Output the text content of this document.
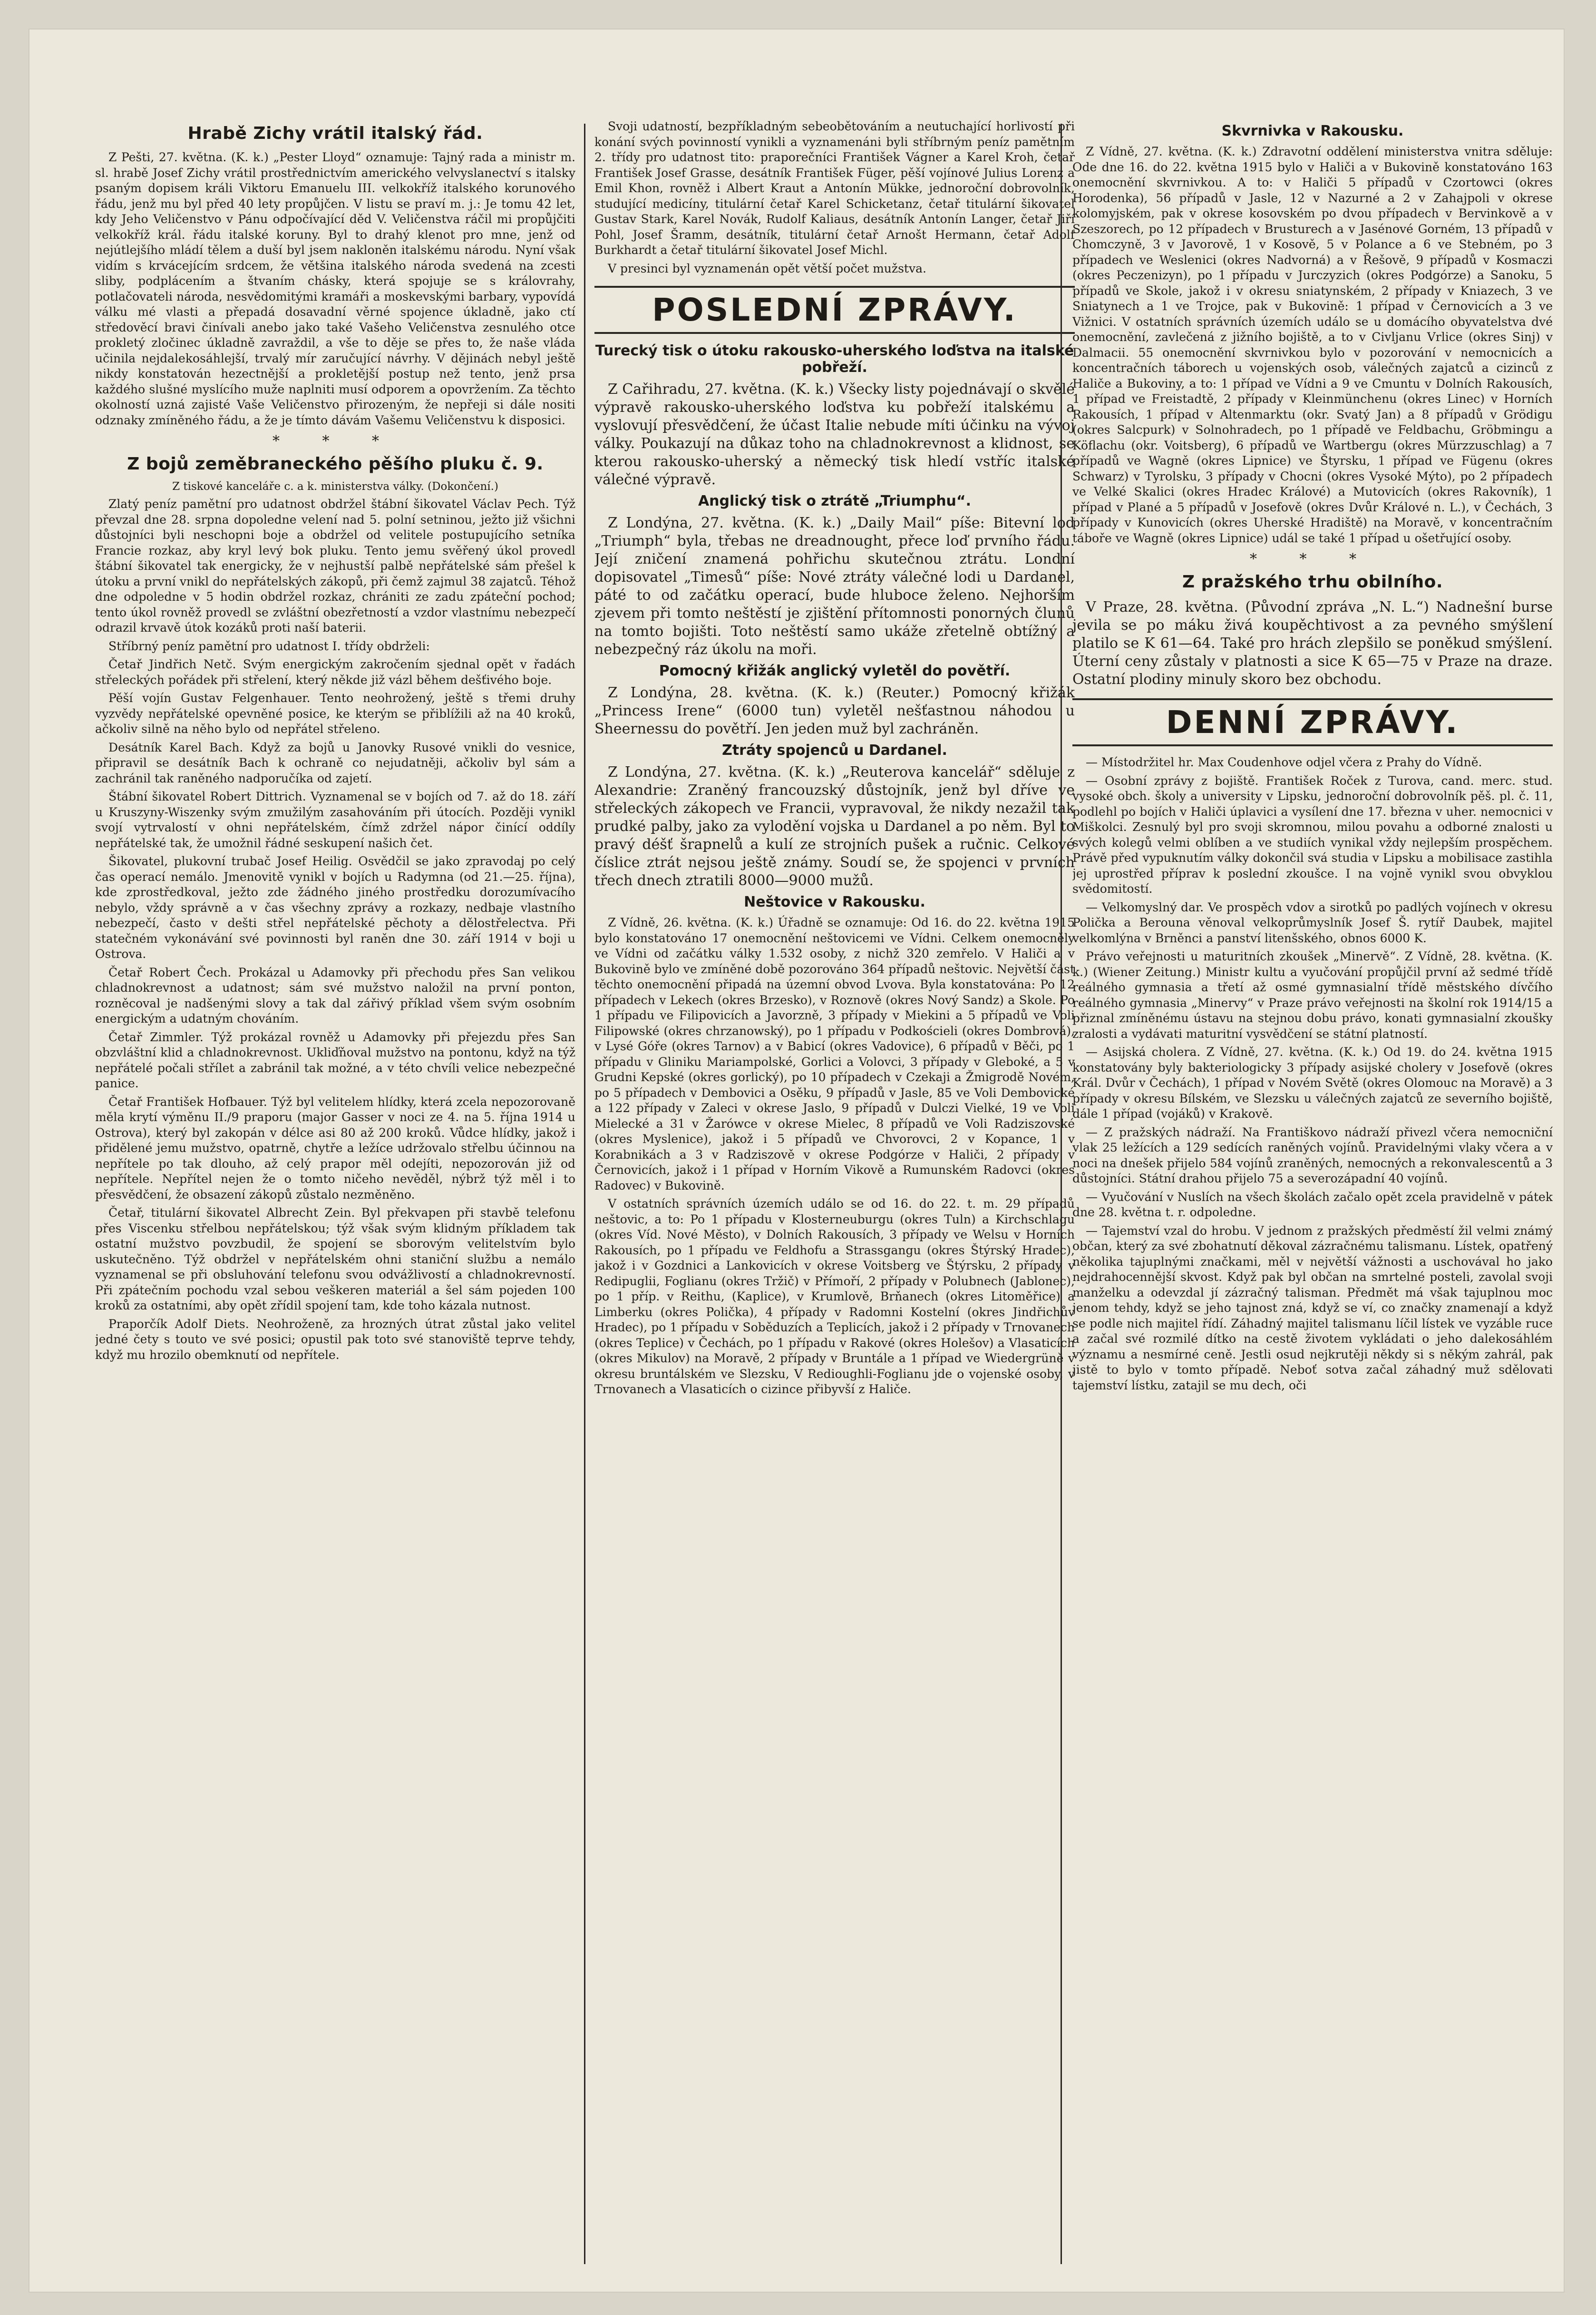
Hrabě Zichy vrátil italský řád.

Z Pešti, 27. května. (K. k.) „Pester Lloyd“ oznamuje: Tajný rada a ministr m. sl. hrabě Josef Zichy vrátil prostřednictvím amerického velvyslanectví s italsky psaným dopisem králi Viktoru Emanuelu III. velkokříž italského korunového řádu, jenž mu byl před 40 lety propůjčen. V listu se praví m. j.: Je tomu 42 let, kdy Jeho Veličenstvo v Pánu odpočívající děd V. Veličenstva ráčil mi propůjčiti velkokříž král. řádu italské koruny. Byl to drahý klenot pro mne, jenž od nejútlejšího mládí tělem a duší byl jsem nakloněn italskému národu. Nyní však vidím s krvácejícím srdcem, že většina italského národa svedená na zcesti sliby, podplácením a štvaním chásky, která spojuje se s královrahy, potlačovateli národa, nesvědomitými kramáři a moskevskými barbary, vypovídá válku mé vlasti a přepadá dosavadní věrné spojence úkladně, jako ctí středověcí bravi činívali anebo jako také Vašeho Veličenstva zesnulého otce prokletý zločinec úkladně zavraždil, a vše to děje se přes to, že naše vláda učinila nejdalekosáhlejší, trvalý mír zaručující návrhy. V dějinách nebyl ještě nikdy konstatován hezectnější a prokletější postup než tento, jenž prsa každého slušné myslícího muže naplniti musí odporem a opovržením. Za těchto okolností uzná zajisté Vaše Veličenstvo přirozeným, že nepřeji si dále nositi odznaky zmíněného řádu, a že je tímto dávám Vašemu Veličenstvu k disposici.

* * *
Z bojů zeměbraneckého pěšího pluku č. 9.

Z tiskové kanceláře c. a k. ministerstva války. (Dokončení.)

Zlatý peníz pamětní pro udatnost obdržel štábní šikovatel Václav Pech. Týž převzal dne 28. srpna dopoledne velení nad 5. polní setninou, ježto již všichni důstojníci byli neschopni boje a obdržel od velitele postupujícího setníka Francie rozkaz, aby kryl levý bok pluku. Tento jemu svěřený úkol provedl štábní šikovatel tak energicky, že v nejhustší palbě nepřátelské sám přešel k útoku a první vnikl do nepřátelských zákopů, při čemž zajmul 38 zajatců. Téhož dne odpoledne v 5 hodin obdržel rozkaz, chrániti ze zadu zpáteční pochod; tento úkol rovněž provedl se zvláštní obezřetností a vzdor vlastnímu nebezpečí odrazil krvavě útok kozáků proti naší baterii.

Stříbrný peníz pamětní pro udatnost I. třídy obdrželi:

Četař Jindřich Netč. Svým energickým zakročením sjednal opět v řadách střeleckých pořádek při střelení, který někde již vázl během dešťivého boje.

Pěší vojín Gustav Felgenhauer. Tento neohrožený, ještě s třemi druhy vyzvědy nepřátelské opevněné posice, ke kterým se přiblížili až na 40 kroků, ačkoliv silně na něho bylo od nepřátel střeleno.

Desátník Karel Bach. Když za bojů u Janovky Rusové vnikli do vesnice, připravil se desátník Bach k ochraně co nejudatněji, ačkoliv byl sám a zachránil tak raněného nadporučíka od zajetí.

Štábní šikovatel Robert Dittrich. Vyznamenal se v bojích od 7. až do 18. září u Kruszyny-Wiszenky svým zmužilým zasahováním při útocích. Později vynikl svojí vytrvalostí v ohni nepřátelském, čímž zdržel nápor činící oddíly nepřátelské tak, že umožnil řádné seskupení našich čet.

Šikovatel, plukovní trubač Josef Heilig. Osvědčil se jako zpravodaj po celý čas operací nemálo. Jmenovitě vynikl v bojích u Radymna (od 21.—25. října), kde zprostředkoval, ježto zde žádného jiného prostředku dorozumívacího nebylo, vždy správně a v čas všechny zprávy a rozkazy, nedbaje vlastního nebezpečí, často v dešti střel nepřátelské pěchoty a dělostřelectva. Při statečném vykonávání své povinnosti byl raněn dne 30. září 1914 v boji u Ostrova.

Četař Robert Čech. Prokázal u Adamovky při přechodu přes San velikou chladnokrevnost a udatnost; sám své mužstvo naložil na první ponton, rozněcoval je nadšenými slovy a tak dal zářivý příklad všem svým osobním energickým a udatným chováním.

Četař Zimmler. Týž prokázal rovněž u Adamovky při přejezdu přes San obzvláštní klid a chladnokrevnost. Ukliďňoval mužstvo na pontonu, když na týž nepřátelé počali střílet a zabránil tak možné, a v této chvíli velice nebezpečné panice.

Četař František Hofbauer. Týž byl velitelem hlídky, která zcela nepozorovaně měla krytí výměnu II./9 praporu (major Gasser v noci ze 4. na 5. října 1914 u Ostrova), který byl zakopán v délce asi 80 až 200 kroků. Vůdce hlídky, jakož i přidělené jemu mužstvo, opatrně, chytře a ležíce udržovalo střelbu účinnou na nepřítele po tak dlouho, až celý prapor měl odejíti, nepozorován již od nepřítele. Nepřítel nejen že o tomto ničeho nevěděl, nýbrž týž měl i to přesvědčení, že obsazení zákopů zůstalo nezměněno.

Četař, titulární šikovatel Albrecht Zein. Byl překvapen při stavbě telefonu přes Viscenku střelbou nepřátelskou; týž však svým klidným příkladem tak ostatní mužstvo povzbudil, že spojení se sborovým velitelstvím bylo uskutečněno. Týž obdržel v nepřátelském ohni staniční službu a nemálo vyznamenal se při obsluhování telefonu svou odvážlivostí a chladnokrevností. Při zpátečním pochodu vzal sebou veškeren materiál a šel sám pojeden 100 kroků za ostatními, aby opět zřídil spojení tam, kde toho kázala nutnost.

Praporčík Adolf Diets. Neohroženě, za hrozných útrat zůstal jako velitel jedné čety s touto ve své posici; opustil pak toto své stanoviště teprve tehdy, když mu hrozilo obemknutí od nepřítele.

Svoji udatností, bezpříkladným sebeobětováním a neutuchající horlivostí při konání svých povinností vynikli a vyznamenáni byli stříbrným peníz pamětním 2. třídy pro udatnost tito: praporečníci František Vágner a Karel Kroh, četař František Josef Grasse, desátník František Füger, pěší vojínové Julius Lorenz a Emil Khon, rovněž i Albert Kraut a Antonín Mükke, jednoroční dobrovolník, studující medicíny, titulární četař Karel Schicketanz, četař titulární šikovatel Gustav Stark, Karel Novák, Rudolf Kaliaus, desátník Antonín Langer, četař Jiří Pohl, Josef Šramm, desátník, titulární četař Arnošt Hermann, četař Adolf Burkhardt a četař titulární šikovatel Josef Michl.

V presinci byl vyznamenán opět větší počet mužstva.

POSLEDNÍ ZPRÁVY.
Turecký tisk o útoku rakousko-uherského loďstva na italské pobřeží.

Z Cařihradu, 27. května. (K. k.) Všecky listy pojednávají o skvělé výpravě rakousko-uherského loďstva ku pobřeží italskému a vyslovují přesvědčení, že účast Italie nebude míti účinku na vývoj války. Poukazují na důkaz toho na chladnokrevnost a klidnost, se kterou rakousko-uherský a německý tisk hledí vstříc italské válečné výpravě.

Anglický tisk o ztrátě „Triumphu“.

Z Londýna, 27. května. (K. k.) „Daily Mail“ píše: Bitevní loď „Triumph“ byla, třebas ne dreadnought, přece loď prvního řádu. Její zničení znamená pohřichu skutečnou ztrátu. Londní dopisovatel „Timesů“ píše: Nové ztráty válečné lodi u Dardanel, páté to od začátku operací, bude hluboce želeno. Nejhorším zjevem při tomto neštěstí je zjištění přítomnosti ponorných člunů na tomto bojišti. Toto neštěstí samo ukáže zřetelně obtížný a nebezpečný ráz úkolu na moři.

Pomocný křižák anglický vyletěl do povětří.

Z Londýna, 28. května. (K. k.) (Reuter.) Pomocný křižák „Princess Irene“ (6000 tun) vyletěl nešťastnou náhodou u Sheernessu do povětří. Jen jeden muž byl zachráněn.

Ztráty spojenců u Dardanel.

Z Londýna, 27. května. (K. k.) „Reuterova kancelář“ sděluje z Alexandrie: Zraněný francouzský důstojník, jenž byl dříve ve střeleckých zákopech ve Francii, vypravoval, že nikdy nezažil tak prudké palby, jako za vylodění vojska u Dardanel a po něm. Byl to pravý déšť šrapnelů a kulí ze strojních pušek a ručnic. Celkové číslice ztrát nejsou ještě známy. Soudí se, že spojenci v prvních třech dnech ztratili 8000—9000 mužů.

Neštovice v Rakousku.

Z Vídně, 26. května. (K. k.) Úřadně se oznamuje: Od 16. do 22. května 1915 bylo konstatováno 17 onemocnění neštovicemi ve Vídni. Celkem onemocněly ve Vídni od začátku války 1.532 osoby, z nichž 320 zemřelo. V Haliči a v Bukovině bylo ve zmíněné době pozorováno 364 případů neštovic. Největší část těchto onemocnění připadá na územní obvod Lvova. Byla konstatována: Po 12 případech v Lekech (okres Brzesko), v Roznově (okres Nový Sandz) a Skole. Po 1 případu ve Filipovicích a Javorzně, 3 případy v Miekini a 5 případů ve Voli Filipowské (okres chrzanowský), po 1 případu v Podkościeli (okres Dombrová), v Lysé Góře (okres Tarnov) a v Babicí (okres Vadovice), 6 případů v Běči, po 1 případu v Gliniku Mariampolské, Gorlici a Volovci, 3 případy v Gleboké, a 5 v Grudni Kepské (okres gorlický), po 10 případech v Czekaji a Žmigrodě Novém, po 5 případech v Dembovici a Osěku, 9 případů v Jasle, 85 ve Voli Dembovické a 122 případy v Zaleci v okrese Jaslo, 9 případů v Dulczi Vielké, 19 ve Voli Mielecké a 31 v Žarówce v okrese Mielec, 8 případů ve Voli Radziszovské (okres Myslenice), jakož i 5 případů ve Chvorovci, 2 v Kopance, 1 v Korabnikách a 3 v Radziszově v okrese Podgórze v Haliči, 2 případy v Černovicích, jakož i 1 případ v Horním Vikově a Rumunském Radovci (okres Radovec) v Bukovině.

V ostatních správních územích událo se od 16. do 22. t. m. 29 případů neštovic, a to: Po 1 případu v Klosterneuburgu (okres Tuln) a Kirchschlagu (okres Víd. Nové Město), v Dolních Rakousích, 3 případy ve Welsu v Horních Rakousích, po 1 případu ve Feldhofu a Strassgangu (okres Štýrský Hradec), jakož i v Gozdnici a Lankovicích v okrese Voitsberg ve Štýrsku, 2 případy v Redipuglii, Foglianu (okres Tržič) v Přímoří, 2 případy v Polubnech (Jablonec), po 1 příp. v Reithu, (Kaplice), v Krumlově, Brňanech (okres Litoměřice) a Limberku (okres Polička), 4 případy v Radomni Kostelní (okres Jindřichův Hradec), po 1 případu v Soběduzích a Teplicích, jakož i 2 případy v Trnovanech (okres Teplice) v Čechách, po 1 případu v Rakové (okres Holešov) a Vlasaticích (okres Mikulov) na Moravě, 2 případy v Bruntále a 1 případ ve Wiedergrüně v okresu bruntálském ve Slezsku, V Redioughli-Foglianu jde o vojenské osoby, v Trnovanech a Vlasaticích o cizince přibyvší z Haliče.

Skvrnivka v Rakousku.

Z Vídně, 27. května. (K. k.) Zdravotní oddělení ministerstva vnitra sděluje: Ode dne 16. do 22. května 1915 bylo v Haliči a v Bukovině konstatováno 163 onemocnění skvrnivkou. A to: v Haliči 5 případů v Czortowci (okres Horodenka), 56 případů v Jasle, 12 v Nazurné a 2 v Zahajpoli v okrese kolomyjském, pak v okrese kosovském po dvou případech v Bervinkově a v Szeszorech, po 12 případech v Brusturech a v Jasénové Gorném, 13 případů v Chomczyně, 3 v Javorově, 1 v Kosově, 5 v Polance a 6 ve Stebném, po 3 případech ve Weslenici (okres Nadvorná) a v Řešově, 9 případů v Kosmaczi (okres Peczenizyn), po 1 případu v Jurczyzich (okres Podgórze) a Sanoku, 5 případů ve Skole, jakož i v okresu sniatynském, 2 případy v Kniazech, 3 ve Sniatynech a 1 ve Trojce, pak v Bukovině: 1 případ v Černovicích a 3 ve Vižnici. V ostatních správních územích událo se u domácího obyvatelstva dvé onemocnění, zavlečená z jižního bojiště, a to v Civljanu Vrlice (okres Sinj) v Dalmacii. 55 onemocnění skvrnivkou bylo v pozorování v nemocnicích a koncentračních táborech u vojenských osob, válečných zajatců a cizinců z Haliče a Bukoviny, a to: 1 případ ve Vídni a 9 ve Cmuntu v Dolních Rakousích, 1 případ ve Freistadtě, 2 případy v Kleinmünchenu (okres Linec) v Horních Rakousích, 1 případ v Altenmarktu (okr. Svatý Jan) a 8 případů v Grödigu (okres Salcpurk) v Solnohradech, po 1 případě ve Feldbachu, Gröbmingu a Köflachu (okr. Voitsberg), 6 případů ve Wartbergu (okres Mürzzuschlag) a 7 případů ve Wagně (okres Lipnice) ve Štyrsku, 1 případ ve Fügenu (okres Schwarz) v Tyrolsku, 3 případy v Chocni (okres Vysoké Mýto), po 2 případech ve Velké Skalici (okres Hradec Králové) a Mutovicích (okres Rakovník), 1 případ v Plané a 5 případů v Josefově (okres Dvůr Králové n. L.), v Čechách, 3 případy v Kunovicích (okres Uherské Hradiště) na Moravě, v koncentračním táboře ve Wagně (okres Lipnice) udál se také 1 případ u ošetřující osoby.

* * *
Z pražského trhu obilního.

V Praze, 28. května. (Původní zpráva „N. L.“) Nadnešní burse jevila se po máku živá koupěchtivost a za pevného smýšlení platilo se K 61—64. Také pro hrách zlepšilo se poněkud smýšlení. Úterní ceny zůstaly v platnosti a sice K 65—75 v Praze na draze. Ostatní plodiny minuly skoro bez obchodu.

DENNÍ ZPRÁVY.

— Místodržitel hr. Max Coudenhove odjel včera z Prahy do Vídně.

— Osobní zprávy z bojiště. František Roček z Turova, cand. merc. stud. vysoké obch. školy a university v Lipsku, jednoroční dobrovolník pěš. pl. č. 11, podlehl po bojích v Haliči úplavici a vysílení dne 17. března v uher. nemocnici v Miškolci. Zesnulý byl pro svoji skromnou, milou povahu a odborné znalosti u svých kolegů velmi oblíben a ve studiích vynikal vždy nejlepším prospěchem. Právě před vypuknutím války dokončil svá studia v Lipsku a mobilisace zastihla jej uprostřed příprav k poslední zkoušce. I na vojně vynikl svou obvyklou svědomitostí.

— Velkomyslný dar. Ve prospěch vdov a sirotků po padlých vojínech v okresu Polička a Berouna věnoval velkoprůmyslník Josef Š. rytíř Daubek, majitel velkomlýna v Brněnci a panství litenšského, obnos 6000 K.

Právo veřejnosti u maturitních zkoušek „Minervě“. Z Vídně, 28. května. (K. k.) (Wiener Zeitung.) Ministr kultu a vyučování propůjčil první až sedmé třídě reálného gymnasia a třetí až osmé gymnasialní třídě městského dívčího reálného gymnasia „Minervy“ v Praze právo veřejnosti na školní rok 1914/15 a přiznal zmíněnému ústavu na stejnou dobu právo, konati gymnasialní zkoušky zralosti a vydávati maturitní vysvědčení se státní platností.

— Asijská cholera. Z Vídně, 27. května. (K. k.) Od 19. do 24. května 1915 konstatovány byly bakteriologicky 3 případy asijské cholery v Josefově (okres Král. Dvůr v Čechách), 1 případ v Novém Světě (okres Olomouc na Moravě) a 3 případy v okresu Bílském, ve Slezsku u válečných zajatců ze severního bojiště, dále 1 případ (vojáků) v Krakově.

— Z pražských nádraží. Na Františkovo nádraží přivezl včera nemocniční vlak 25 ležících a 129 sedících raněných vojínů. Pravidelnými vlaky včera a v noci na dnešek přijelo 584 vojínů zraněných, nemocných a rekonvalescentů a 3 důstojníci. Státní drahou přijelo 75 a severozápadní 40 vojínů.

— Vyučování v Nuslích na všech školách začalo opět zcela pravidelně v pátek dne 28. května t. r. odpoledne.

— Tajemství vzal do hrobu. V jednom z pražských předměstí žil velmi známý občan, který za své zbohatnutí děkoval zázračnému talismanu. Lístek, opatřený několika tajuplnými značkami, měl v největší vážnosti a uschovával ho jako nejdrahocennější skvost. Když pak byl občan na smrtelné posteli, zavolal svoji manželku a odevzdal jí zázračný talisman. Předmět má však tajuplnou moc jenom tehdy, když se jeho tajnost zná, když se ví, co značky znamenají a když se podle nich majitel řídí. Záhadný majitel talismanu líčil lístek ve vyzáble ruce a začal své rozmilé dítko na cestě životem vykládati o jeho dalekosáhlém významu a nesmírné ceně. Jestli osud nejkrutěji někdy si s někým zahrál, pak jistě to bylo v tomto případě. Neboť sotva začal záhadný muž sdělovati tajemství lístku, zatajil se mu dech, oči
